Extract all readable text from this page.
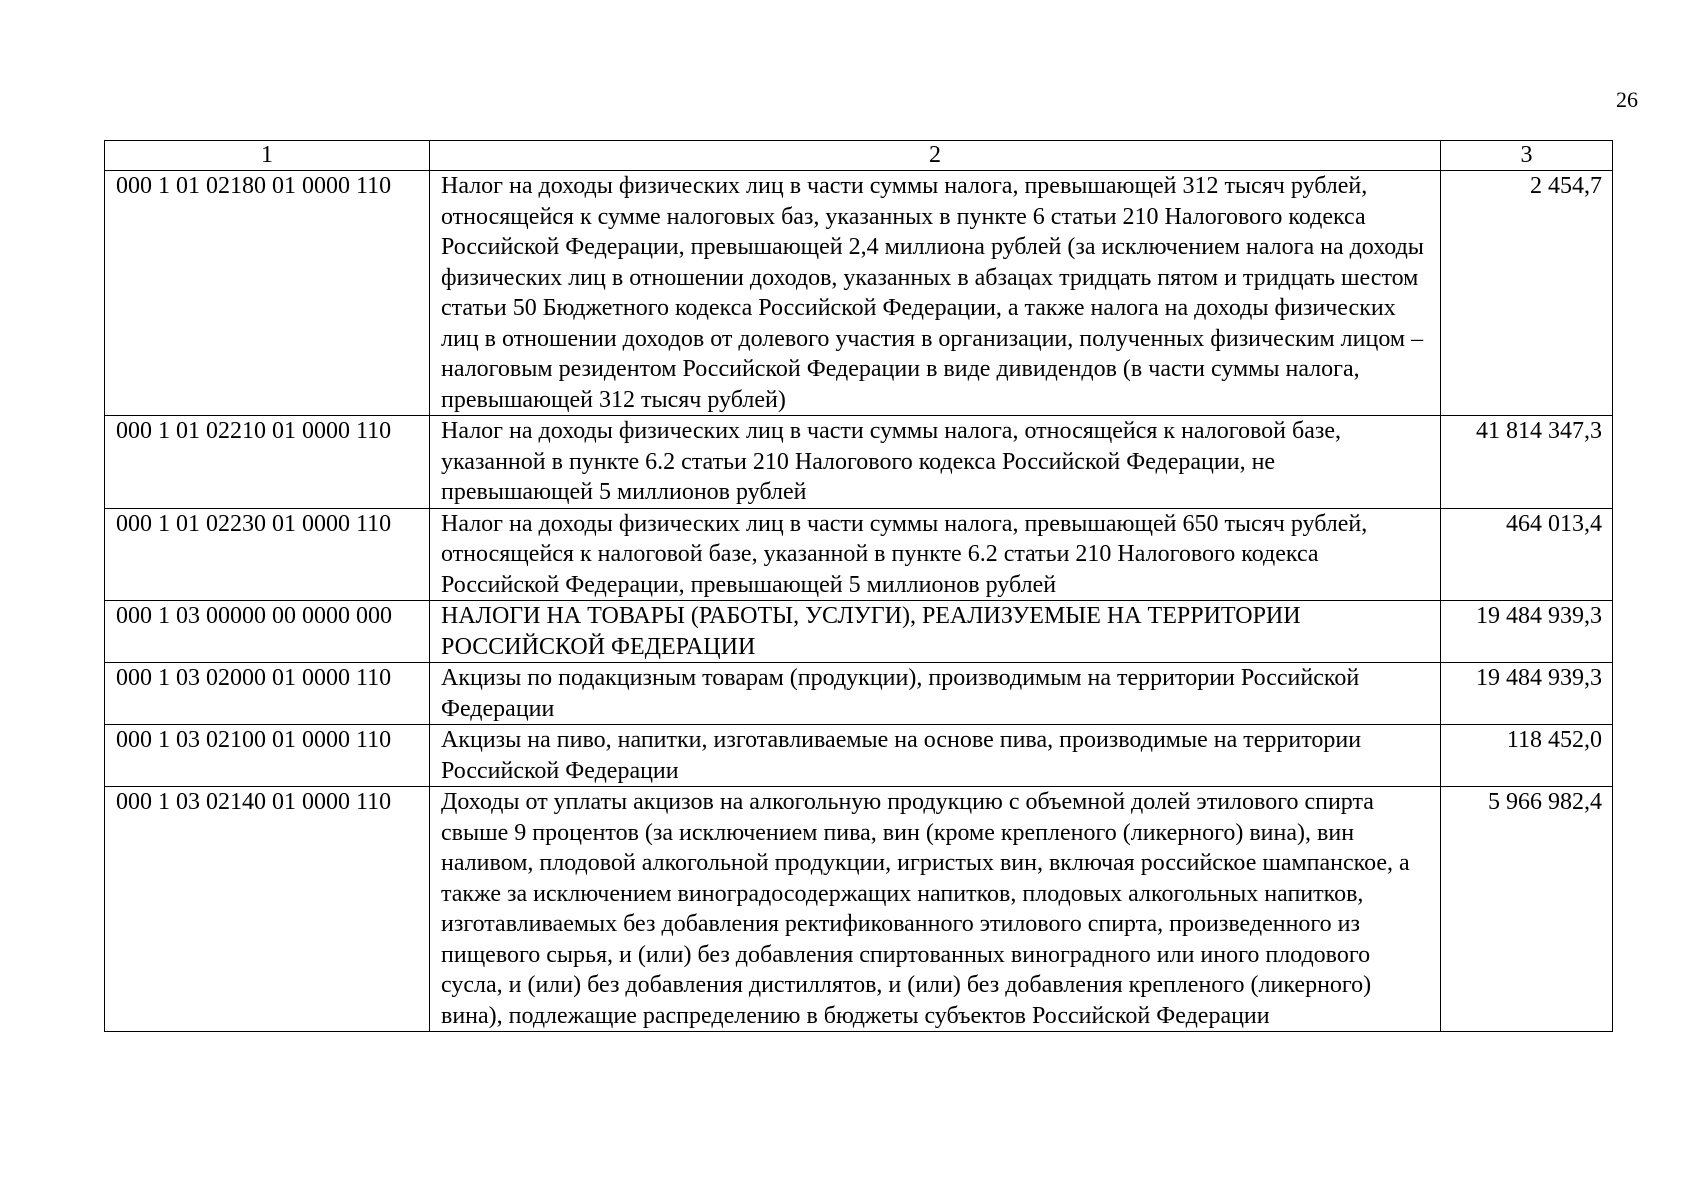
26
1	2	3
000 1 01 02180 01 0000 110	Налог на доходы физических лиц в части суммы налога, превышающей 312 тысяч рублей, относящейся к сумме налоговых баз, указанных в пункте 6 статьи 210 Налогового кодекса Российской Федерации, превышающей 2,4 миллиона рублей (за исключением налога на доходы физических лиц в отношении доходов, указанных в абзацах тридцать пятом и тридцать шестом статьи 50 Бюджетного кодекса Российской Федерации, а также налога на доходы физических лиц в отношении доходов от долевого участия в организации, полученных физическим лицом – налоговым резидентом Российской Федерации в виде дивидендов (в части суммы налога, превышающей 312 тысяч рублей)	2 454,7
000 1 01 02210 01 0000 110	Налог на доходы физических лиц в части суммы налога, относящейся к налоговой базе, указанной в пункте 6.2 статьи 210 Налогового кодекса Российской Федерации, не превышающей 5 миллионов рублей	41 814 347,3
000 1 01 02230 01 0000 110	Налог на доходы физических лиц в части суммы налога, превышающей 650 тысяч рублей, относящейся к налоговой базе, указанной в пункте 6.2 статьи 210 Налогового кодекса Российской Федерации, превышающей 5 миллионов рублей	464 013,4
000 1 03 00000 00 0000 000	НАЛОГИ НА ТОВАРЫ (РАБОТЫ, УСЛУГИ), РЕАЛИЗУЕМЫЕ НА ТЕРРИТОРИИ РОССИЙСКОЙ ФЕДЕРАЦИИ	19 484 939,3
000 1 03 02000 01 0000 110	Акцизы по подакцизным товарам (продукции), производимым на территории Российской Федерации	19 484 939,3
000 1 03 02100 01 0000 110	Акцизы на пиво, напитки, изготавливаемые на основе пива, производимые на территории Российской Федерации	118 452,0
000 1 03 02140 01 0000 110	Доходы от уплаты акцизов на алкогольную продукцию с объемной долей этилового спирта свыше 9 процентов (за исключением пива, вин (кроме крепленого (ликерного) вина), вин наливом, плодовой алкогольной продукции, игристых вин, включая российское шампанское, а также за исключением виноградосодержащих напитков, плодовых алкогольных напитков, изготавливаемых без добавления ректификованного этилового спирта, произведенного из пищевого сырья, и (или) без добавления спиртованных виноградного или иного плодового сусла, и (или) без добавления дистиллятов, и (или) без добавления крепленого (ликерного) вина), подлежащие распределению в бюджеты субъектов Российской Федерации	5 966 982,4
